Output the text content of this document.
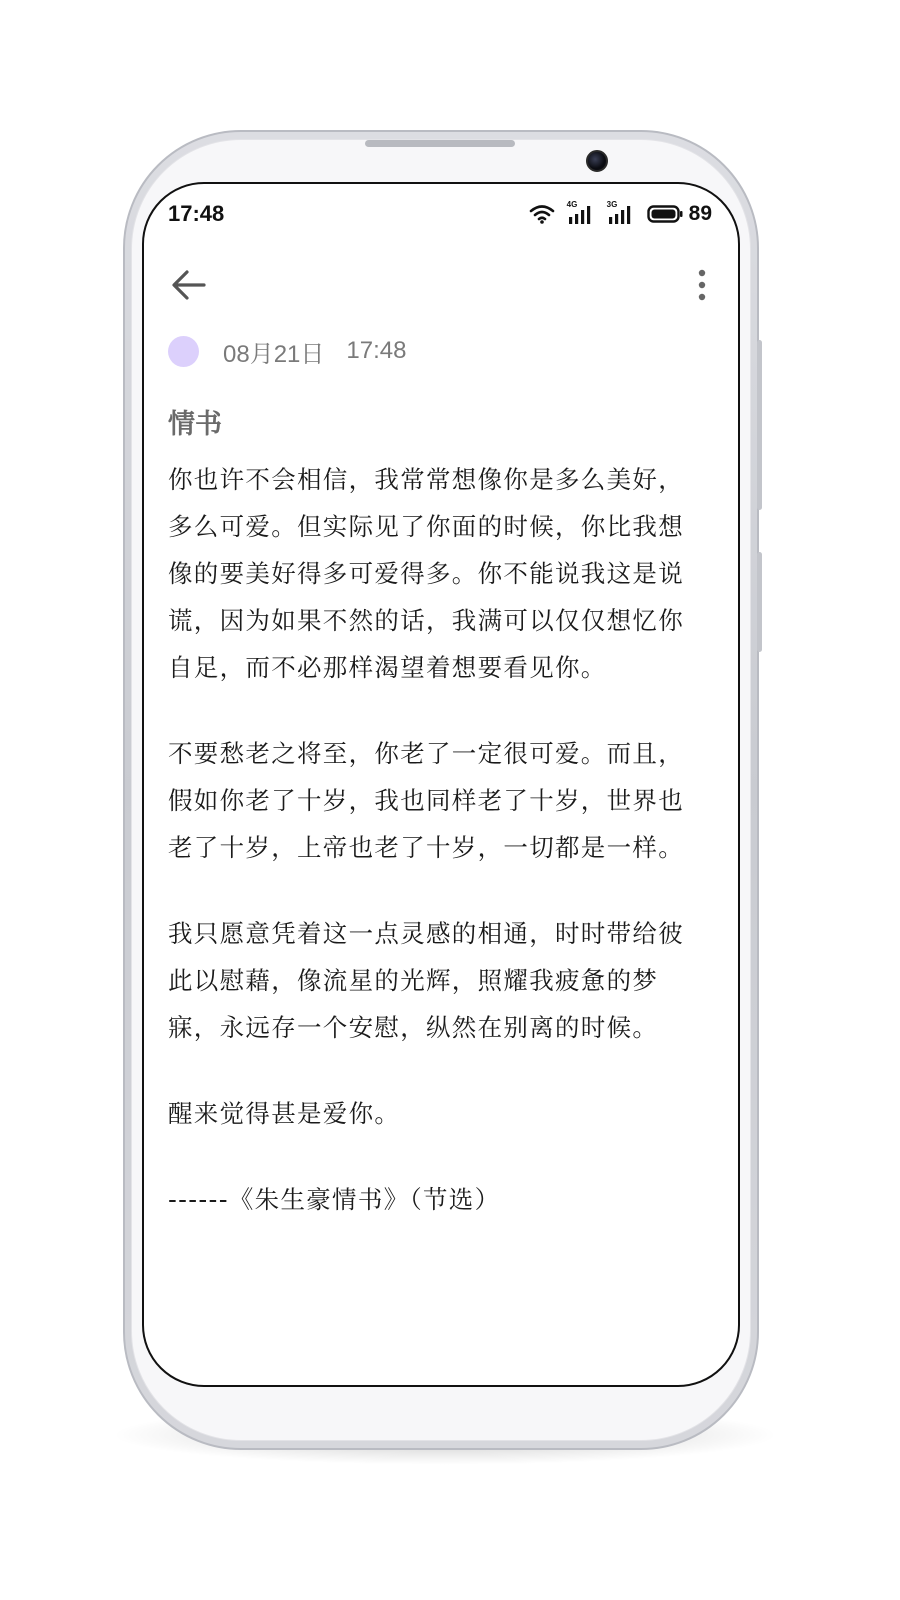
17:48	4G	3G	89
08月21日 17:48
情书

你也许不会相信，我常常想像你是多么美好，
多么可爱。但实际见了你面的时候，你比我想
像的要美好得多可爱得多。你不能说我这是说
谎，因为如果不然的话，我满可以仅仅想忆你
自足，而不必那样渴望着想要看见你。

不要愁老之将至，你老了一定很可爱。而且，
假如你老了十岁，我也同样老了十岁，世界也
老了十岁，上帝也老了十岁，一切都是一样。

我只愿意凭着这一点灵感的相通，时时带给彼
此以慰藉，像流星的光辉，照耀我疲惫的梦
寐，永远存一个安慰，纵然在别离的时候。

醒来觉得甚是爱你。

------《朱生豪情书》（节选）
